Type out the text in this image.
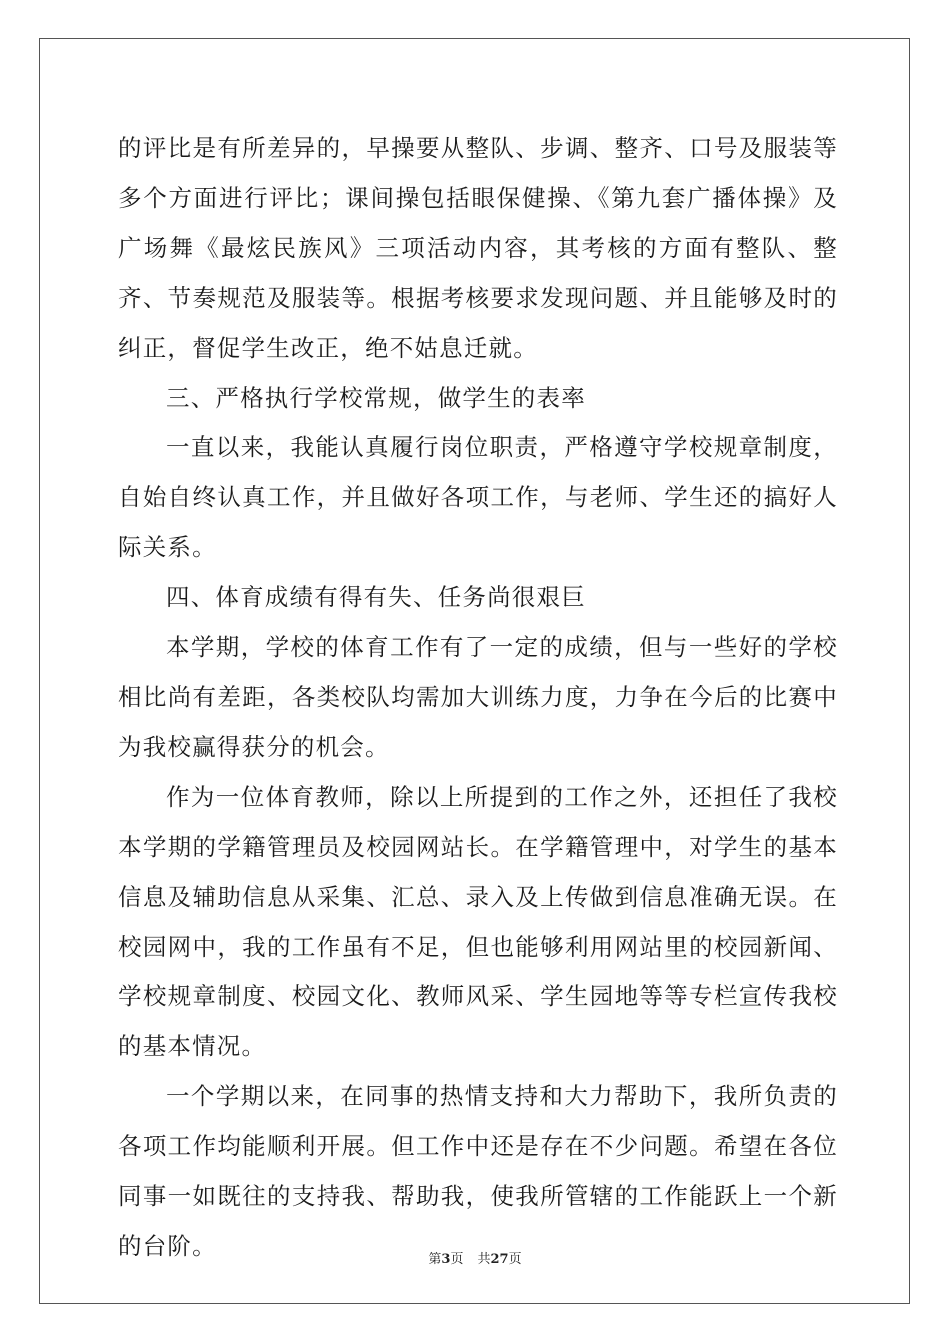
的评比是有所差异的，早操要从整队、步调、整齐、口号及服装等多个方面进行评比；课间操包括眼保健操、《第九套广播体操》及广场舞《最炫民族风》三项活动内容，其考核的方面有整队、整齐、节奏规范及服装等。根据考核要求发现问题、并且能够及时的纠正，督促学生改正，绝不姑息迁就。

三、严格执行学校常规，做学生的表率

一直以来，我能认真履行岗位职责，严格遵守学校规章制度，自始自终认真工作，并且做好各项工作，与老师、学生还的搞好人际关系。

四、体育成绩有得有失、任务尚很艰巨

本学期，学校的体育工作有了一定的成绩，但与一些好的学校相比尚有差距，各类校队均需加大训练力度，力争在今后的比赛中为我校赢得获分的机会。

作为一位体育教师，除以上所提到的工作之外，还担任了我校本学期的学籍管理员及校园网站长。在学籍管理中，对学生的基本信息及辅助信息从采集、汇总、录入及上传做到信息准确无误。在校园网中，我的工作虽有不足，但也能够利用网站里的校园新闻、学校规章制度、校园文化、教师风采、学生园地等等专栏宣传我校的基本情况。

一个学期以来，在同事的热情支持和大力帮助下，我所负责的各项工作均能顺利开展。但工作中还是存在不少问题。希望在各位同事一如既往的支持我、帮助我，使我所管辖的工作能跃上一个新的台阶。	第3页 共27页
